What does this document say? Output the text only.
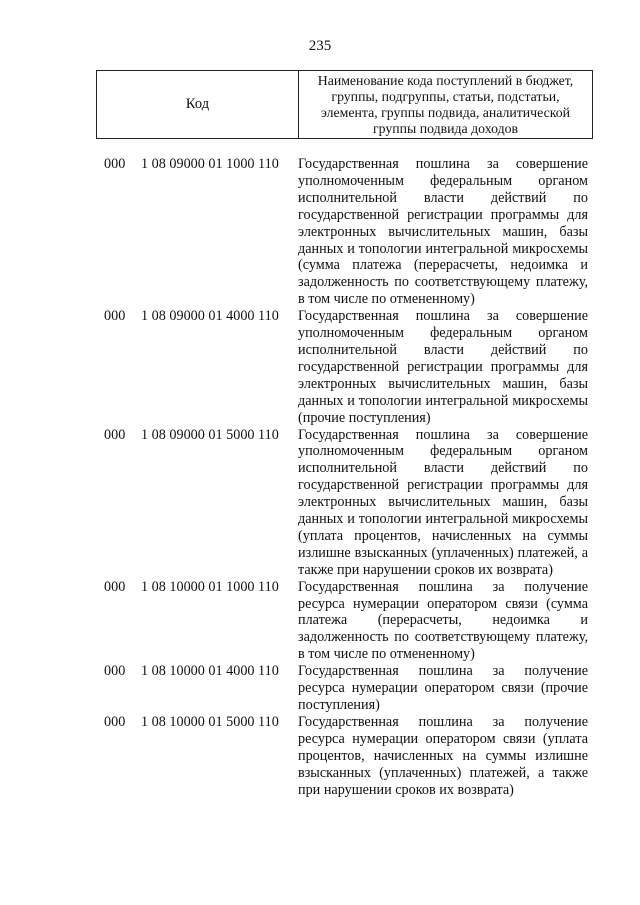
235
Код
Наименование кода поступлений в бюджет, группы, подгруппы, статьи, подстатьи, элемента, группы подвида, аналитической группы подвида доходов
000 1 08 09000 01 1000 110 Государственная пошлина за совершение уполномоченным федеральным органом исполнительной власти действий по государственной регистрации программы для электронных вычислительных машин, базы данных и топологии интегральной микросхемы (сумма платежа (перерасчеты, недоимка и задолженность по соответствующему платежу, в том числе по отмененному)
000 1 08 09000 01 4000 110 Государственная пошлина за совершение уполномоченным федеральным органом исполнительной власти действий по государственной регистрации программы для электронных вычислительных машин, базы данных и топологии интегральной микросхемы (прочие поступления)
000 1 08 09000 01 5000 110 Государственная пошлина за совершение уполномоченным федеральным органом исполнительной власти действий по государственной регистрации программы для электронных вычислительных машин, базы данных и топологии интегральной микросхемы (уплата процентов, начисленных на суммы излишне взысканных (уплаченных) платежей, а также при нарушении сроков их возврата)
000 1 08 10000 01 1000 110 Государственная пошлина за получение ресурса нумерации оператором связи (сумма платежа (перерасчеты, недоимка и задолженность по соответствующему платежу, в том числе по отмененному)
000 1 08 10000 01 4000 110 Государственная пошлина за получение ресурса нумерации оператором связи (прочие поступления)
000 1 08 10000 01 5000 110 Государственная пошлина за получение ресурса нумерации оператором связи (уплата процентов, начисленных на суммы излишне взысканных (уплаченных) платежей, а также при нарушении сроков их возврата)
